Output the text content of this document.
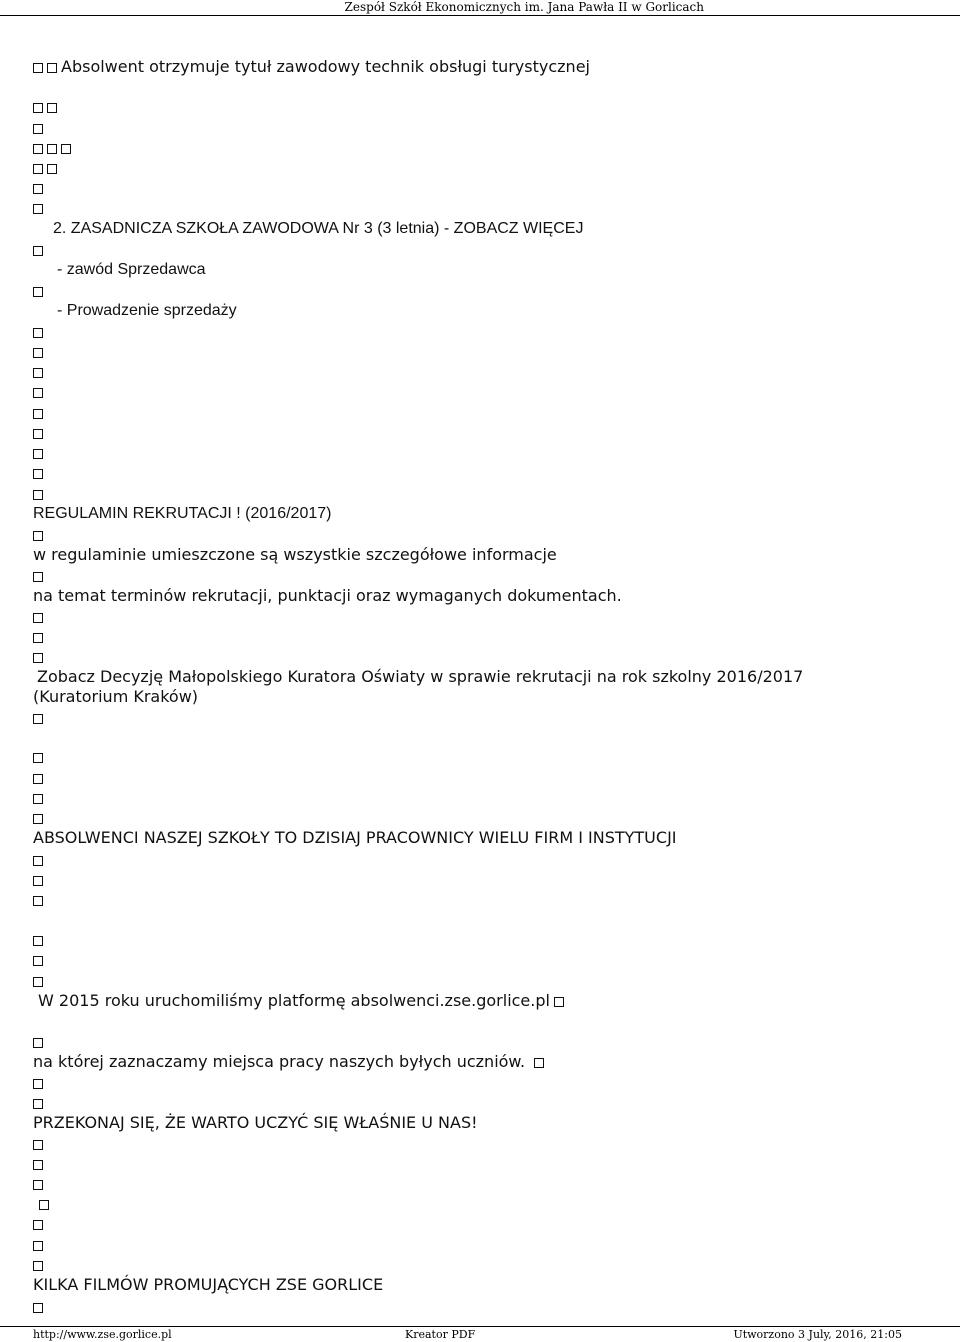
Zespół Szkół Ekonomicznych im. Jana Pawła II w Gorlicach
Absolwent otrzymuje tytuł zawodowy technik obsługi turystycznej
2. ZASADNICZA SZKOŁA ZAWODOWA Nr 3 (3 letnia) - ZOBACZ WIĘCEJ
- zawód Sprzedawca
- Prowadzenie sprzedaży
REGULAMIN REKRUTACJI ! (2016/2017)
w regulaminie umieszczone są wszystkie szczegółowe informacje
na temat terminów rekrutacji, punktacji oraz wymaganych dokumentach.
Zobacz Decyzję Małopolskiego Kuratora Oświaty w sprawie rekrutacji na rok szkolny 2016/2017
(Kuratorium Kraków)
ABSOLWENCI NASZEJ SZKOŁY TO DZISIAJ PRACOWNICY WIELU FIRM I INSTYTUCJI
W 2015 roku uruchomiliśmy platformę absolwenci.zse.gorlice.pl
na której zaznaczamy miejsca pracy naszych byłych uczniów.
PRZEKONAJ SIĘ, ŻE WARTO UCZYĆ SIĘ WŁAŚNIE U NAS!
KILKA FILMÓW PROMUJĄCYCH ZSE GORLICE
http://www.zse.gorlice.pl	Kreator PDF	Utworzono 3 July, 2016, 21:05
